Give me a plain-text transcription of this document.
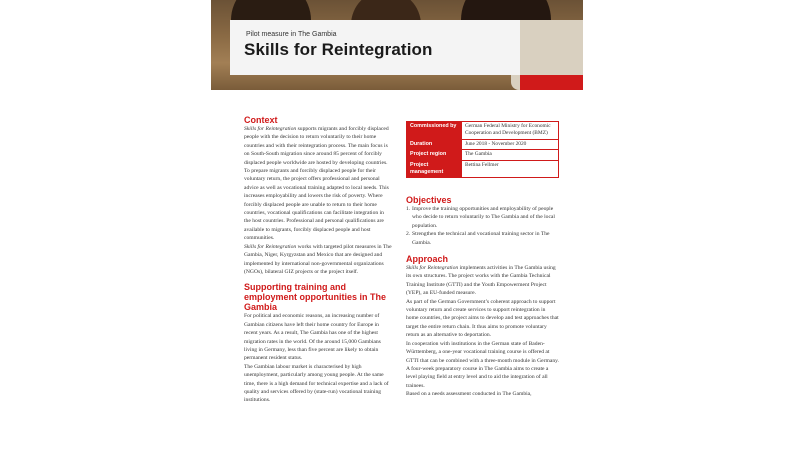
Pilot measure in The Gambia
Skills for Reintegration
Context

Skills for Reintegration supports migrants and forcibly displaced people with the decision to return voluntarily to their home countries and with their reintegration process. The main focus is on South-South migration since around 85 percent of forcibly displaced people worldwide are hosted by developing countries.

To prepare migrants and forcibly displaced people for their voluntary return, the project offers professional and personal advice as well as vocational training adapted to local needs. This increases employability and lowers the risk of poverty. Where forcibly displaced people are unable to return to their home countries, vocational qualifications can facilitate integration in the host countries. Professional and personal qualifications are available to migrants, forcibly displaced people and host communities.

Skills for Reintegration works with targeted pilot measures in The Gambia, Niger, Kyrgyzstan and Mexico that are designed and implemented by international non-governmental organizations (NGOs), bilateral GIZ projects or the project itself.

Supporting training and employment opportunities in The Gambia

For political and economic reasons, an increasing number of Gambian citizens have left their home country for Europe in recent years. As a result, The Gambia has one of the highest migration rates in the world. Of the around 15,000 Gambians living in Germany, less than five percent are likely to obtain permanent resident status.

The Gambian labour market is characterised by high unemployment, particularly among young people. At the same time, there is a high demand for technical expertise and a lack of quality and services offered by (state-run) vocational training institutions.

Commissioned by	German Federal Ministry for Economic Cooperation and Development (BMZ)
Duration	June 2018 - November 2020
Project region	The Gambia
Project management	Bettina Fellmer
Objectives
1. Improve the training opportunities and employability of people who decide to return voluntarily to The Gambia and of the local population.
2. Strengthen the technical and vocational training sector in The Gambia.
Approach

Skills for Reintegration implements activities in The Gambia using its own structures. The project works with the Gambia Technical Training Institute (GTTI) and the Youth Empowerment Project (YEP), an EU-funded measure.

As part of the German Government’s coherent approach to support voluntary return and create services to support reintegration in home countries, the project aims to develop and test approaches that target the entire return chain. It thus aims to promote voluntary return as an alternative to deportation.

In cooperation with institutions in the German state of Baden-Württemberg, a one-year vocational training course is offered at GTTI that can be combined with a three-month module in Germany. A four-week preparatory course in The Gambia aims to create a level playing field at entry level and to aid the integration of all trainees.

Based on a needs assessment conducted in The Gambia,
